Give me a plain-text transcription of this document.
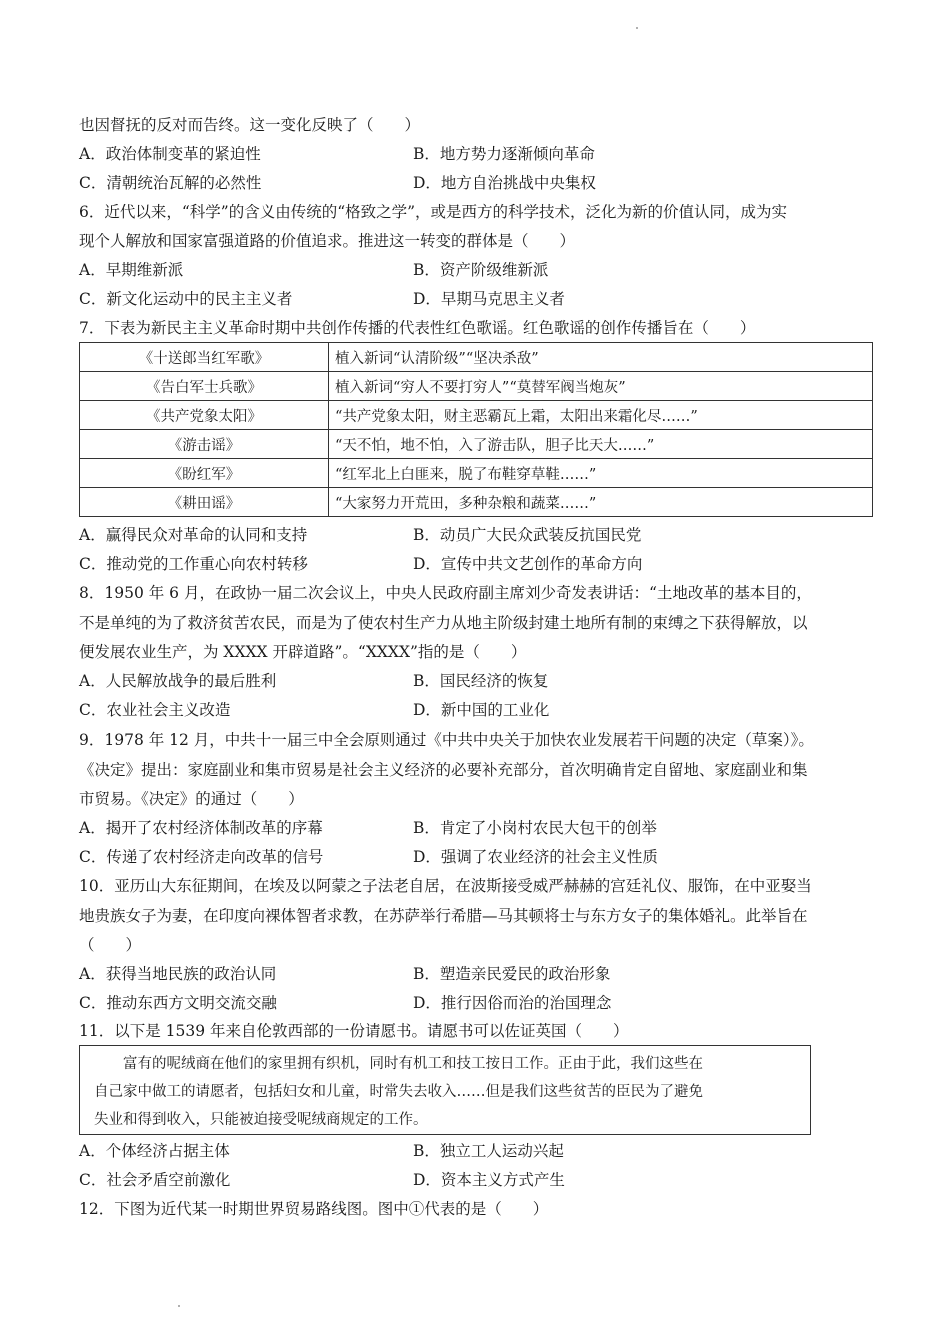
也因督抚的反对而告终。这一变化反映了（　　）
A．政治体制变革的紧迫性	B．地方势力逐渐倾向革命
C．清朝统治瓦解的必然性	D．地方自治挑战中央集权
6．近代以来，“科学”的含义由传统的“格致之学”，或是西方的科学技术，泛化为新的价值认同，成为实
现个人解放和国家富强道路的价值追求。推进这一转变的群体是（　　）
A．早期维新派	B．资产阶级维新派
C．新文化运动中的民主主义者	D．早期马克思主义者
7．下表为新民主主义革命时期中共创作传播的代表性红色歌谣。红色歌谣的创作传播旨在（　　）
《十送郎当红军歌》	植入新词“认清阶级”“坚决杀敌”
《告白军士兵歌》	植入新词“穷人不要打穷人”“莫替军阀当炮灰”
《共产党象太阳》	“共产党象太阳，财主恶霸瓦上霜，太阳出来霜化尽……”
《游击谣》	“天不怕，地不怕，入了游击队，胆子比天大……”
《盼红军》	“红军北上白匪来，脱了布鞋穿草鞋……”
《耕田谣》	“大家努力开荒田，多种杂粮和蔬菜……”
A．赢得民众对革命的认同和支持	B．动员广大民众武装反抗国民党
C．推动党的工作重心向农村转移	D．宣传中共文艺创作的革命方向
8．1950 年 6 月，在政协一届二次会议上，中央人民政府副主席刘少奇发表讲话：“土地改革的基本目的，
不是单纯的为了救济贫苦农民，而是为了使农村生产力从地主阶级封建土地所有制的束缚之下获得解放，以
便发展农业生产，为 XXXX 开辟道路”。“XXXX”指的是（　　）
A．人民解放战争的最后胜利	B．国民经济的恢复
C．农业社会主义改造	D．新中国的工业化
9．1978 年 12 月，中共十一届三中全会原则通过《中共中央关于加快农业发展若干问题的决定（草案）》。
《决定》提出：家庭副业和集市贸易是社会主义经济的必要补充部分，首次明确肯定自留地、家庭副业和集
市贸易。《决定》的通过（　　）
A．揭开了农村经济体制改革的序幕	B．肯定了小岗村农民大包干的创举
C．传递了农村经济走向改革的信号	D．强调了农业经济的社会主义性质
10．亚历山大东征期间，在埃及以阿蒙之子法老自居，在波斯接受威严赫赫的宫廷礼仪、服饰，在中亚娶当
地贵族女子为妻，在印度向裸体智者求教，在苏萨举行希腊—马其顿将士与东方女子的集体婚礼。此举旨在
（　　）
A．获得当地民族的政治认同	B．塑造亲民爱民的政治形象
C．推动东西方文明交流交融	D．推行因俗而治的治国理念
11．以下是 1539 年来自伦敦西部的一份请愿书。请愿书可以佐证英国（　　）

富有的呢绒商在他们的家里拥有织机，同时有机工和技工按日工作。正由于此，我们这些在

自己家中做工的请愿者，包括妇女和儿童，时常失去收入……但是我们这些贫苦的臣民为了避免
失业和得到收入，只能被迫接受呢绒商规定的工作。
A．个体经济占据主体	B．独立工人运动兴起
C．社会矛盾空前激化	D．资本主义方式产生
12．下图为近代某一时期世界贸易路线图。图中①代表的是（　　）
